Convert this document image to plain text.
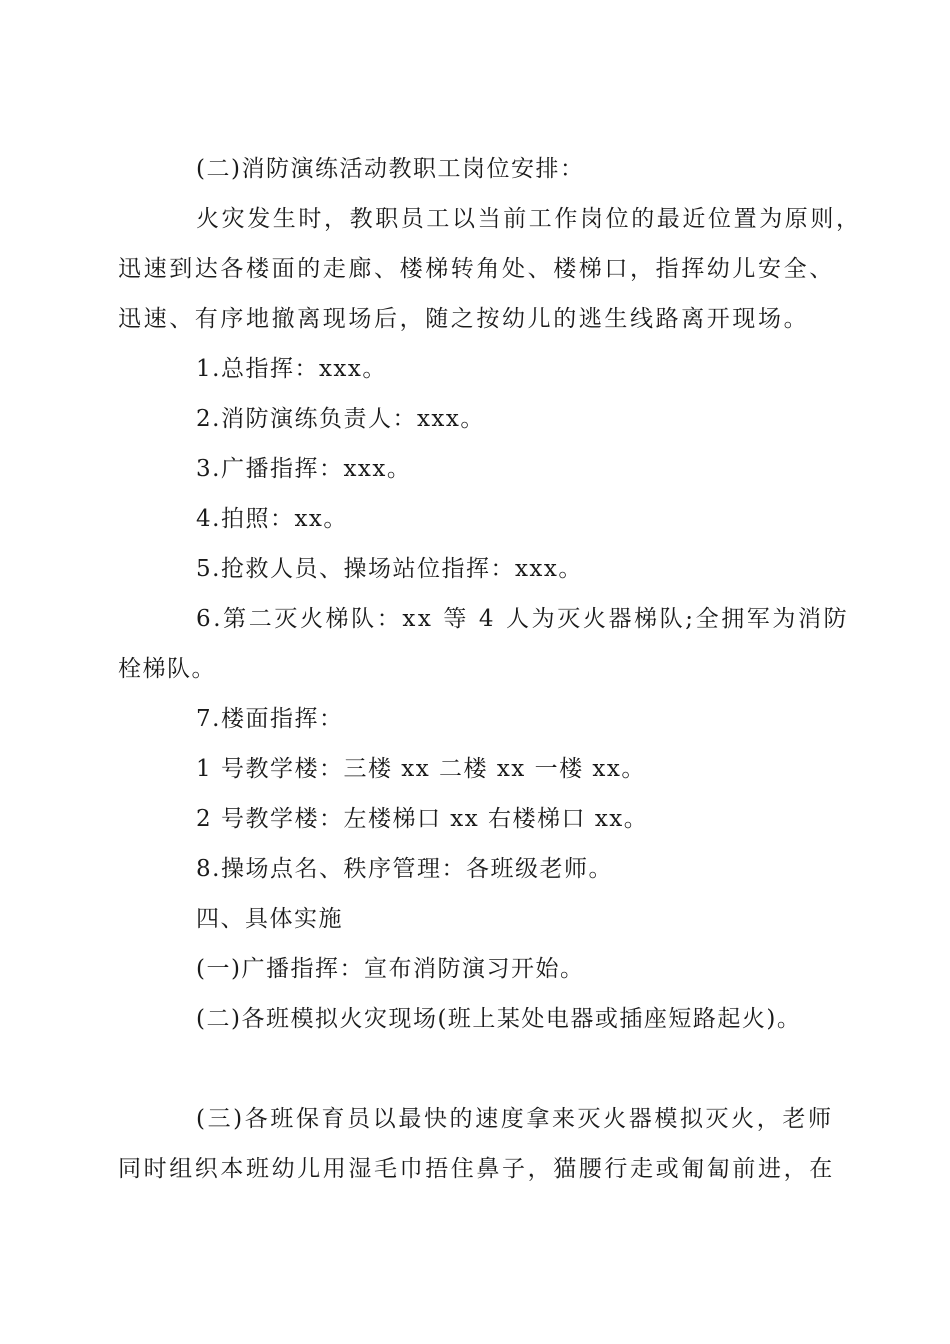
(二)消防演练活动教职工岗位安排：
火灾发生时，教职员工以当前工作岗位的最近位置为原则，
迅速到达各楼面的走廊、楼梯转角处、楼梯口，指挥幼儿安全、
迅速、有序地撤离现场后，随之按幼儿的逃生线路离开现场。
1.总指挥：xxx。
2.消防演练负责人：xxx。
3.广播指挥：xxx。
4.拍照：xx。
5.抢救人员、操场站位指挥：xxx。
6.第二灭火梯队：xx 等 4 人为灭火器梯队;全拥军为消防
栓梯队。
7.楼面指挥：
1 号教学楼：三楼 xx 二楼 xx 一楼 xx。
2 号教学楼：左楼梯口 xx 右楼梯口 xx。
8.操场点名、秩序管理：各班级老师。
四、具体实施
(一)广播指挥：宣布消防演习开始。
(二)各班模拟火灾现场(班上某处电器或插座短路起火)。
(三)各班保育员以最快的速度拿来灭火器模拟灭火，老师
同时组织本班幼儿用湿毛巾捂住鼻子，猫腰行走或匍匐前进，在
